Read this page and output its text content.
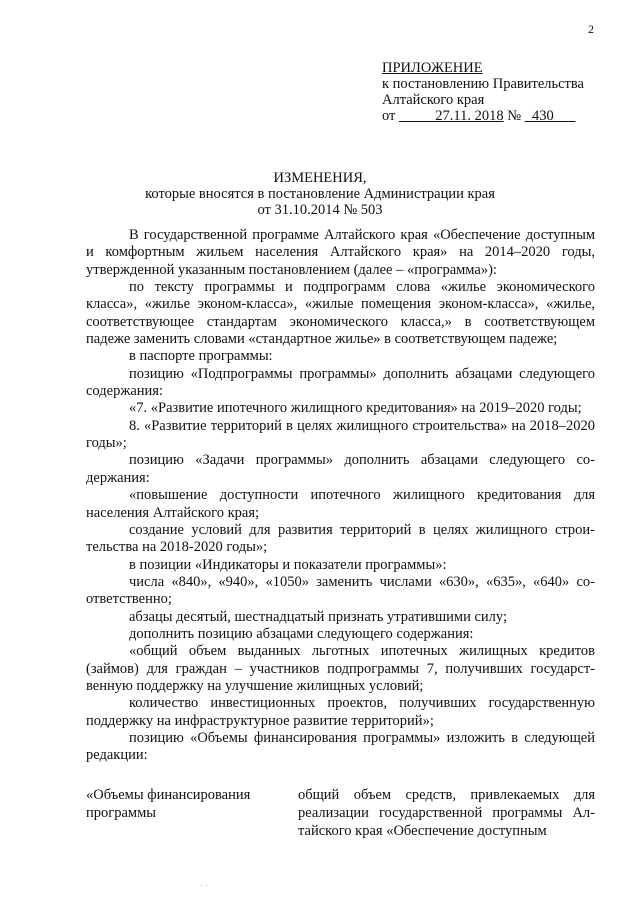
2
ПРИЛОЖЕНИЕ
к постановлению Правительства
Алтайского края
от	27.11. 2018 № 430
ИЗМЕНЕНИЯ,
которые вносятся в постановление Администрации края
от 31.10.2014 № 503

В государственной программе Алтайского края «Обеспечение доступным и комфортным жильем населения Алтайского края» на 2014–2020 годы, утвержденной указанным постановлением (далее – «программа»):

по тексту программы и подпрограмм слова «жилье экономического класса», «жилье эконом-класса», «жилые помещения эконом-класса», «жилье, соответствующее стандартам экономического класса,» в соответствующем падеже заменить словами «стандартное жилье» в соответствующем падеже;

в паспорте программы:

позицию «Подпрограммы программы» дополнить абзацами следующего содержания:

«7. «Развитие ипотечного жилищного кредитования» на 2019–2020 годы;

8. «Развитие территорий в целях жилищного строительства» на 2018–2020 годы»;

позицию «Задачи программы» дополнить абзацами следующего содержания:

«повышение доступности ипотечного жилищного кредитования для населения Алтайского края;

создание условий для развития территорий в целях жилищного строительства на 2018-2020 годы»;

в позиции «Индикаторы и показатели программы»:

числа «840», «940», «1050» заменить числами «630», «635», «640» соответственно;

абзацы десятый, шестнадцатый признать утратившими силу;

дополнить позицию абзацами следующего содержания:

«общий объем выданных льготных ипотечных жилищных кредитов (займов) для граждан – участников подпрограммы 7, получивших государственную поддержку на улучшение жилищных условий;

количество инвестиционных проектов, получивших государственную поддержку на инфраструктурное развитие территорий»;

позицию «Объемы финансирования программы» изложить в следующей редакции:

«Объемы финансирования программы
общий объем средств, привлекаемых для реализации государственной программы Алтайского края «Обеспечение доступным
. .
